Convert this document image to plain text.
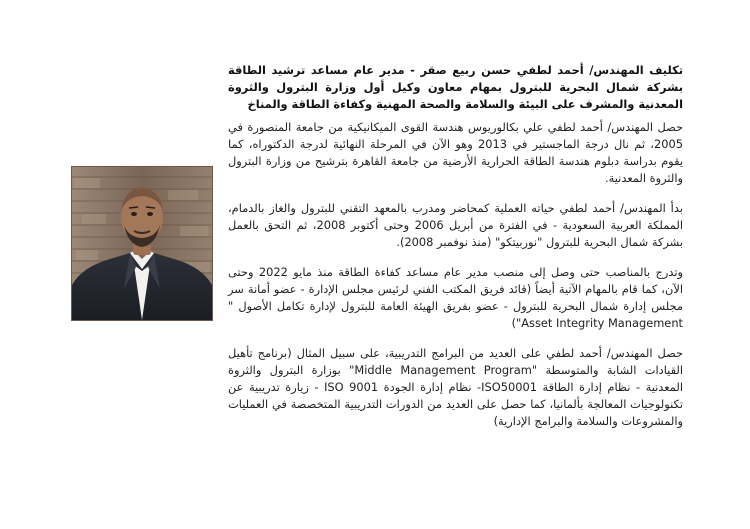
تكليف المهندس/ أحمد لطفي حسن ربيع صقر - مدير عام مساعد ترشيد الطاقة بشركة شمال البحرية للبترول بمهام معاون وكيل أول وزارة البترول والثروة المعدنية والمشرف على البيئة والسلامة والصحة المهنية وكفاءة الطاقة والمناخ

حصل المهندس/ أحمد لطفي علي بكالوريوس هندسة القوى الميكانيكية من جامعة المنصورة في 2005، ثم نال درجة الماجستير في 2013 وهو الآن في المرحلة النهائية لدرجة الدكتوراه، كما يقوم بدراسة دبلوم هندسة الطاقة الحرارية الأرضية من جامعة القاهرة بترشيح من وزارة البترول والثروة المعدنية.

بدأ المهندس/ أحمد لطفي حياته العملية كمحاضر ومدرب بالمعهد التقني للبترول والغاز بالدمام، المملكة العربية السعودية - في الفترة من أبريل 2006 وحتى أكتوبر 2008، ثم التحق بالعمل بشركة شمال البحرية للبترول "نوربيتكو" (منذ نوفمبر 2008).

وتدرج بالمناصب حتى وصل إلى منصب مدير عام مساعد كفاءة الطاقة منذ مايو 2022 وحتى الآن، كما قام بالمهام الآتية أيضاً (قائد فريق المكتب الفني لرئيس مجلس الإدارة - عضو أمانة سر مجلس إدارة شمال البحرية للبترول - عضو بفريق الهيئة العامة للبترول لإدارة تكامل الأصول " Asset Integrity Management")

حصل المهندس/ أحمد لطفي على العديد من البرامج التدريبية، على سبيل المثال (برنامج تأهيل القيادات الشابة والمتوسطة "Middle Management Program" بوزارة البترول والثروة المعدنية - نظام إدارة الطاقة ISO50001- نظام إدارة الجودة ISO 9001 - زيارة تدريبية عن تكنولوجيات المعالجة بألمانيا، كما حصل على العديد من الدورات التدريبية المتخصصة في العمليات والمشروعات والسلامة والبرامج الإدارية)
